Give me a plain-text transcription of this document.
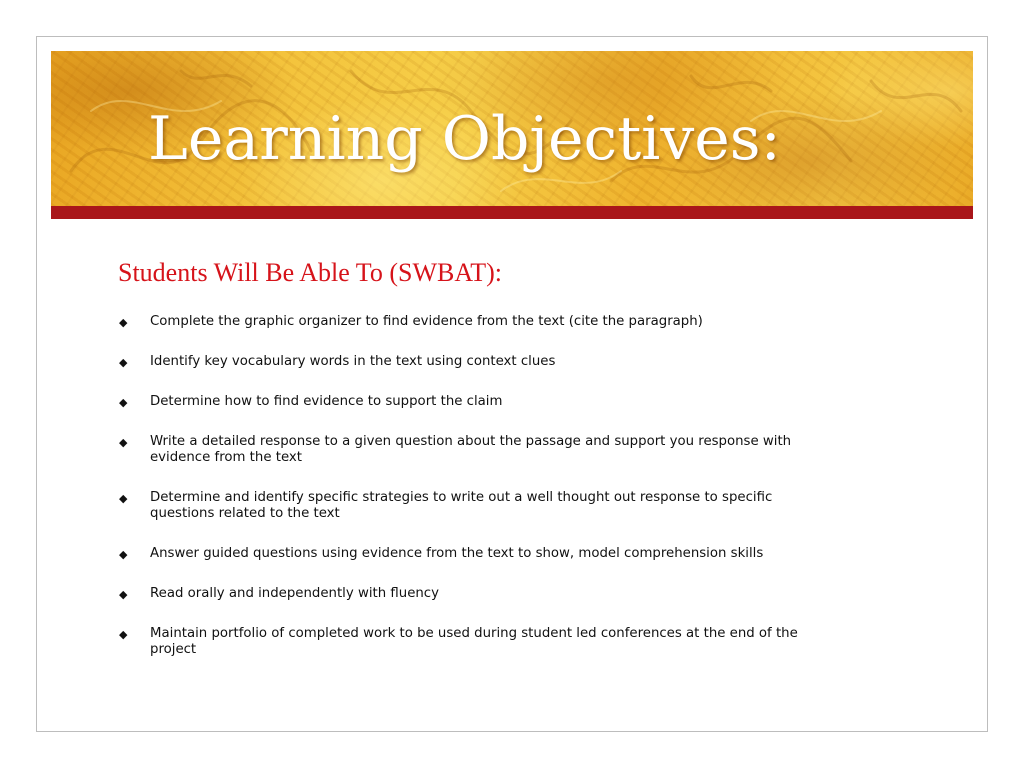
Learning Objectives:
Students Will Be Able To (SWBAT):
◆ Complete the graphic organizer to find evidence from the text (cite the paragraph)
◆ Identify key vocabulary words in the text using context clues
◆ Determine how to find evidence to support the claim
◆ Write a detailed response to a given question about the passage and support you response with evidence from the text
◆ Determine and identify specific strategies to write out a well thought out response to specific questions related to the text
◆ Answer guided questions using evidence from the text to show, model comprehension skills
◆ Read orally and independently with fluency
◆ Maintain portfolio of completed work to be used during student led conferences at the end of the project
